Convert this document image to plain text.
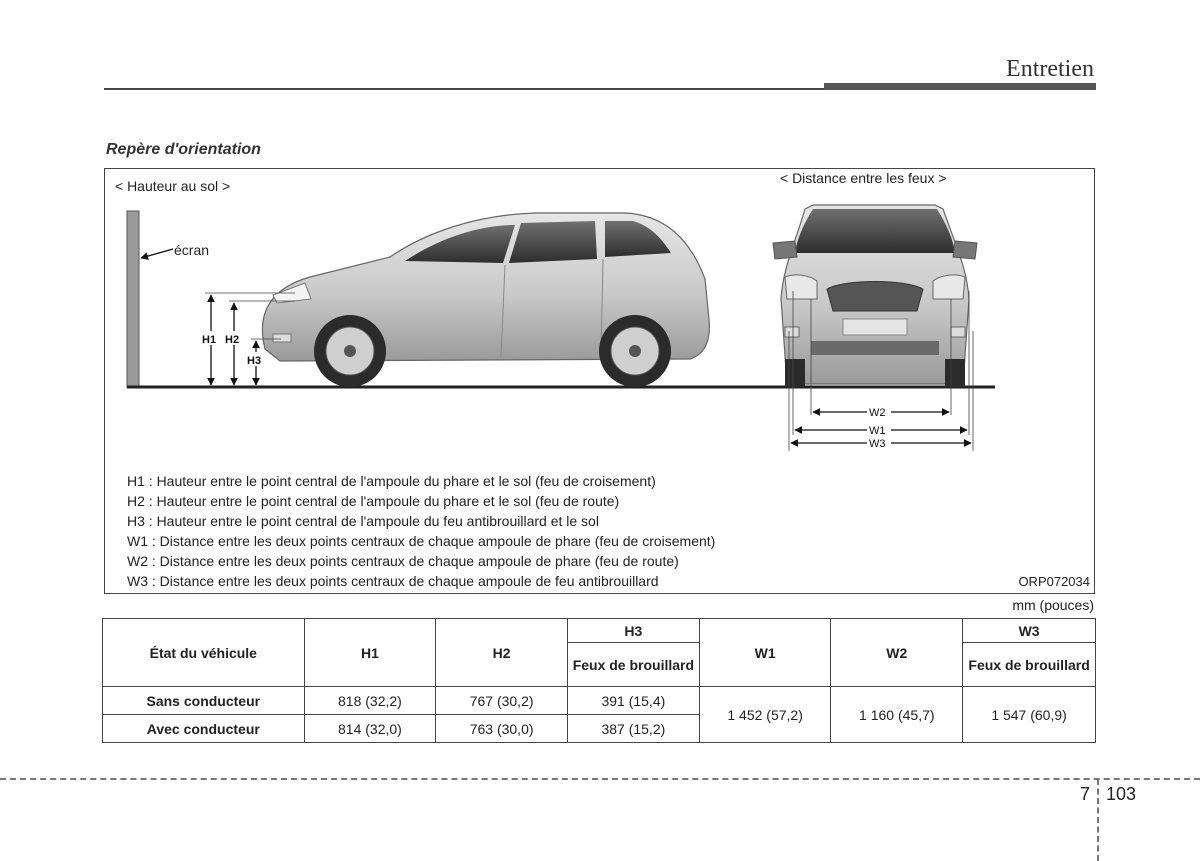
Entretien
Repère d'orientation
< Hauteur au sol >	< Distance entre les feux >
écran
H1 H2
H3
W2
W1
W3
H1 : Hauteur entre le point central de l'ampoule du phare et le sol (feu de croisement)
H2 : Hauteur entre le point central de l'ampoule du phare et le sol (feu de route)
H3 : Hauteur entre le point central de l'ampoule du feu antibrouillard et le sol
W1 : Distance entre les deux points centraux de chaque ampoule de phare (feu de croisement)
W2 : Distance entre les deux points centraux de chaque ampoule de phare (feu de route)
W3 : Distance entre les deux points centraux de chaque ampoule de feu antibrouillard	ORP072034
mm (pouces)
État du véhicule	H1	H2	H3	W1	W2	W3
			Feux de brouillard			Feux de brouillard
Sans conducteur	818 (32,2)	767 (30,2)	391 (15,4)	1 452 (57,2)	1 160 (45,7)	1 547 (60,9)
Avec conducteur	814 (32,0)	763 (30,0)	387 (15,2)			
7 103
